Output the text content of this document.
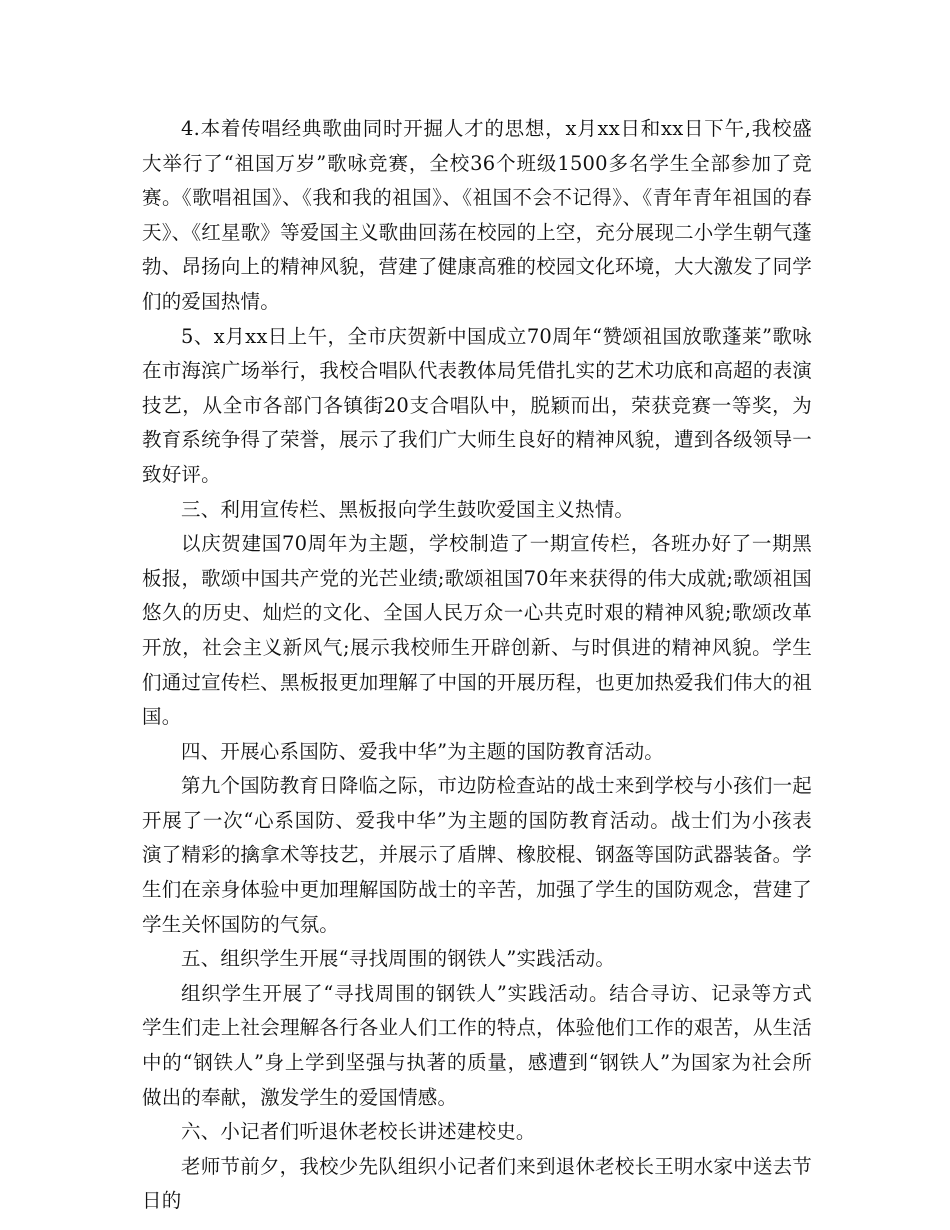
4.本着传唱经典歌曲同时开掘人才的思想，x月xx日和xx日下午,我校盛大举行了“祖国万岁”歌咏竞赛，全校36个班级1500多名学生全部参加了竞赛。《歌唱祖国》、《我和我的祖国》、《祖国不会不记得》、《青年青年祖国的春天》、《红星歌》等爱国主义歌曲回荡在校园的上空，充分展现二小学生朝气蓬勃、昂扬向上的精神风貌，营建了健康高雅的校园文化环境，大大激发了同学们的爱国热情。

5、x月xx日上午，全市庆贺新中国成立70周年“赞颂祖国放歌蓬莱”歌咏在市海滨广场举行，我校合唱队代表教体局凭借扎实的艺术功底和高超的表演技艺，从全市各部门各镇街20支合唱队中，脱颖而出，荣获竞赛一等奖，为教育系统争得了荣誉，展示了我们广大师生良好的精神风貌，遭到各级领导一致好评。

三、利用宣传栏、黑板报向学生鼓吹爱国主义热情。

以庆贺建国70周年为主题，学校制造了一期宣传栏，各班办好了一期黑板报，歌颂中国共产党的光芒业绩;歌颂祖国70年来获得的伟大成就;歌颂祖国悠久的历史、灿烂的文化、全国人民万众一心共克时艰的精神风貌;歌颂改革开放，社会主义新风气;展示我校师生开辟创新、与时俱进的精神风貌。学生们通过宣传栏、黑板报更加理解了中国的开展历程，也更加热爱我们伟大的祖国。

四、开展心系国防、爱我中华”为主题的国防教育活动。

第九个国防教育日降临之际，市边防检查站的战士来到学校与小孩们一起开展了一次“心系国防、爱我中华”为主题的国防教育活动。战士们为小孩表演了精彩的擒拿术等技艺，并展示了盾牌、橡胶棍、钢盔等国防武器装备。学生们在亲身体验中更加理解国防战士的辛苦，加强了学生的国防观念，营建了学生关怀国防的气氛。

五、组织学生开展“寻找周围的钢铁人”实践活动。

组织学生开展了“寻找周围的钢铁人”实践活动。结合寻访、记录等方式学生们走上社会理解各行各业人们工作的特点，体验他们工作的艰苦，从生活中的“钢铁人”身上学到坚强与执著的质量，感遭到“钢铁人”为国家为社会所做出的奉献，激发学生的爱国情感。

六、小记者们听退休老校长讲述建校史。

老师节前夕，我校少先队组织小记者们来到退休老校长王明水家中送去节日的
